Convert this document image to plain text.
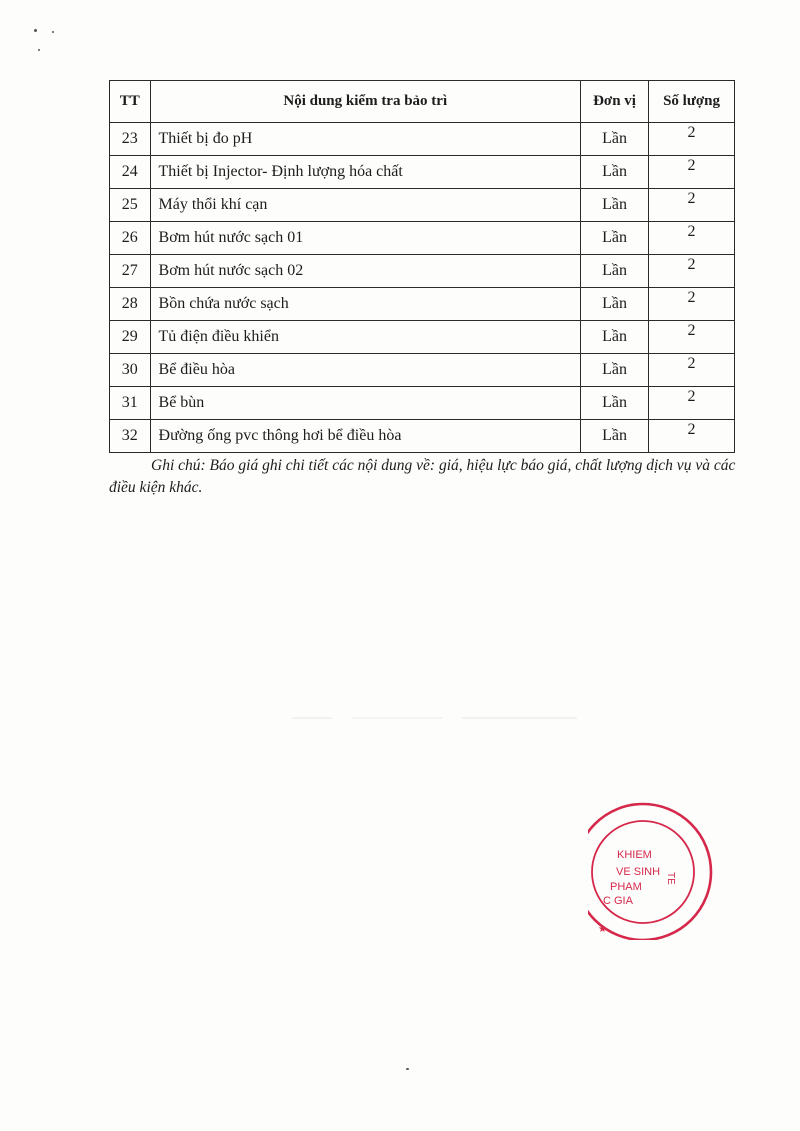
TT	Nội dung kiểm tra bảo trì	Đơn vị	Số lượng
23	Thiết bị đo pH	Lần	2
24	Thiết bị Injector- Định lượng hóa chất	Lần	2
25	Máy thổi khí cạn	Lần	2
26	Bơm hút nước sạch 01	Lần	2
27	Bơm hút nước sạch 02	Lần	2
28	Bồn chứa nước sạch	Lần	2
29	Tủ điện điều khiển	Lần	2
30	Bể điều hòa	Lần	2
31	Bể bùn	Lần	2
32	Đường ống pvc thông hơi bể điều hòa	Lần	2

Ghi chú: Báo giá ghi chi tiết các nội dung về: giá, hiệu lực báo giá, chất lượng dịch vụ và các điều kiện khác.

KHIEM
VE SINH
PHAM
C GIA
TE
★
